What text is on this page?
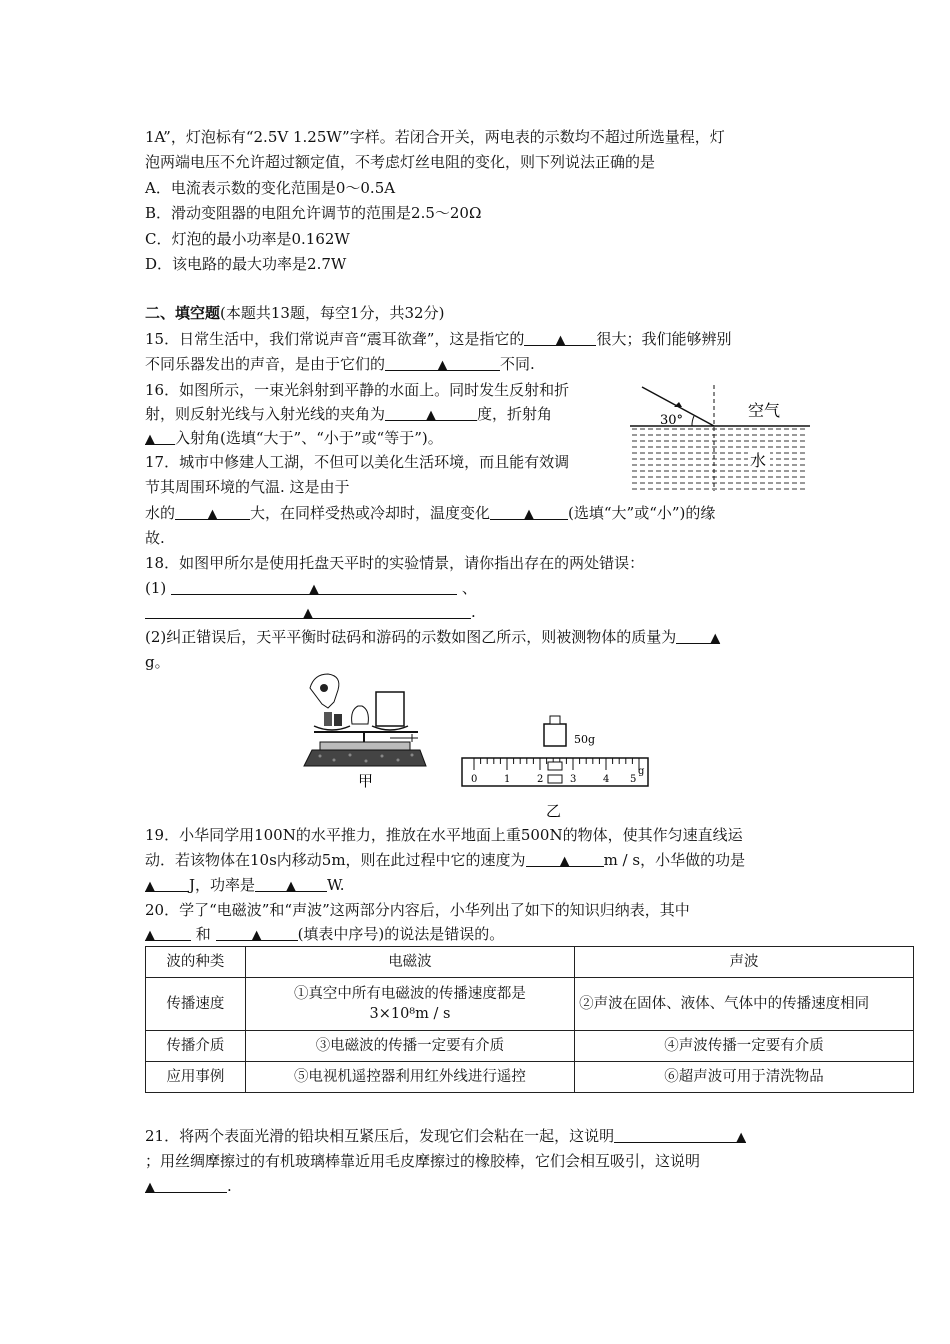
1A”，灯泡标有“2.5V 1.25W”字样。若闭合开关，两电表的示数均不超过所选量程，灯
泡两端电压不允许超过额定值，不考虑灯丝电阻的变化，则下列说法正确的是
A．电流表示数的变化范围是0～0.5A
B．滑动变阻器的电阻允许调节的范围是2.5～20Ω
C．灯泡的最小功率是0.162W
D．该电路的最大功率是2.7W
二、填空题(本题共13题，每空1分，共32分)
15．日常生活中，我们常说声音“震耳欲聋”，这是指它的 ▲ 很大；我们能够辨别
不同乐器发出的声音，是由于它们的	▲	不同.
16．如图所示，一束光斜射到平静的水面上。同时发生反射和折
射，则反射光线与入射光线的夹角为	▲	度，折射角
▲ 入射角(选填“大于”、“小于”或“等于”)。
30°
空气
水
17．城市中修建人工湖，不但可以美化生活环境，而且能有效调
节其周围环境的气温. 这是由于
水的	▲ 大，在同样受热或冷却时，温度变化	▲ (选填“大”或“小”)的缘
故.
18．如图甲所尔是使用托盘天平时的实验情景，请你指出存在的两处错误：
(1)	▲	、
▲	.
(2)纠正错误后，天平平衡时砝码和游码的示数如图乙所示，则被测物体的质量为	▲
g。
甲
50g
0	1	2	3	4 5
g
乙
19．小华同学用100N的水平推力，推放在水平地面上重500N的物体，使其作匀速直线运
动．若该物体在10s内移动5m，则在此过程中它的速度为	▲ m / s，小华做的功是
▲ J，功率是 ▲ W.
20．学了“电磁波”和“声波”这两部分内容后，小华列出了如下的知识归纳表，其中
▲	和	▲ (填表中序号)的说法是错误的。
波的种类	电磁波	声波
传播速度	①真空中所有电磁波的传播速度都是
3×10⁸m / s	②声波在固体、液体、气体中的传播速度相同
传播介质	③电磁波的传播一定要有介质	④声波传播一定要有介质
应用事例	⑤电视机遥控器利用红外线进行遥控	⑥超声波可用于清洗物品
21．将两个表面光滑的铅块相互紧压后，发现它们会粘在一起，这说明	▲
；用丝绸摩擦过的有机玻璃棒靠近用毛皮摩擦过的橡胶棒，它们会相互吸引，这说明
▲	.
